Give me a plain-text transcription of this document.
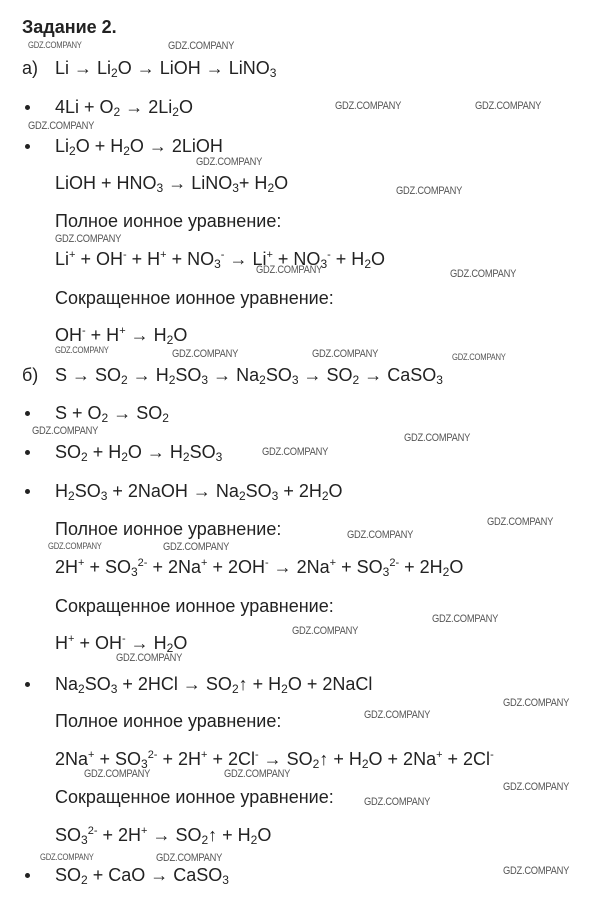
Задание 2.
а) $Li \to Li_2O$ → LiOH → LiNO$_3$
$4Li + O_2 \to 2Li_2O$
$Li_2O + H_2O$ → 2LiOH
LiOH + $HNO_3$ → LiNO$_3$+ $H_2O$
Полное ионное уравнение:
$Li^+ + OH^- + H^+ + NO_3^- \to Li^+ + NO_3^- + H_2O$
Сокращенное ионное уравнение:
$OH^- + H^+ \to H_2O$
б) $S \to SO_2 \to H_2SO_3 \to Na_2SO_3 \to SO_2$ → CaSO$_3$
$S + O_2 \to SO_2$
$SO_2 + H_2O \to H_2SO_3$
$H_2SO_3$ + 2NaOH → $Na_2SO_3 + 2H_2O$
Полное ионное уравнение:
$2H^+ + SO_3^{2-} + 2Na^+ + 2OH^- \to 2Na^+ + SO_3^{2-} + 2H_2O$
Сокращенное ионное уравнение:
$H^+ + OH^- \to H_2O$
$Na_2SO_3 + 2HCl$ → $SO_2↑ + H_2O$ + 2NaCl
Полное ионное уравнение:
$2Na^+ + SO_3^{2-} + 2H^+ + 2Cl^-$ → $SO_2↑ + H_2O + 2Na^+ + 2Cl^-$
Сокращенное ионное уравнение:
$SO_3^{2-} + 2H^+$ → $SO_2↑ + H_2O$
$SO_2$ + CaO → CaSO$_3$
GDZ.COMPANY	GDZ.COMPANY
GDZ.COMPANY	GDZ.COMPANY
GDZ.COMPANY
GDZ.COMPANY
GDZ.COMPANY
GDZ.COMPANY
GDZ.COMPANY	GDZ.COMPANY
GDZ.COMPANY	GDZ.COMPANY	GDZ.COMPANY	GDZ.COMPANY
GDZ.COMPANY
GDZ.COMPANY
GDZ.COMPANY
GDZ.COMPANY
GDZ.COMPANY
GDZ.COMPANY	GDZ.COMPANY
GDZ.COMPANY
GDZ.COMPANY
GDZ.COMPANY
GDZ.COMPANY
GDZ.COMPANY
GDZ.COMPANY	GDZ.COMPANY
GDZ.COMPANY
GDZ.COMPANY
GDZ.COMPANY	GDZ.COMPANY
GDZ.COMPANY
